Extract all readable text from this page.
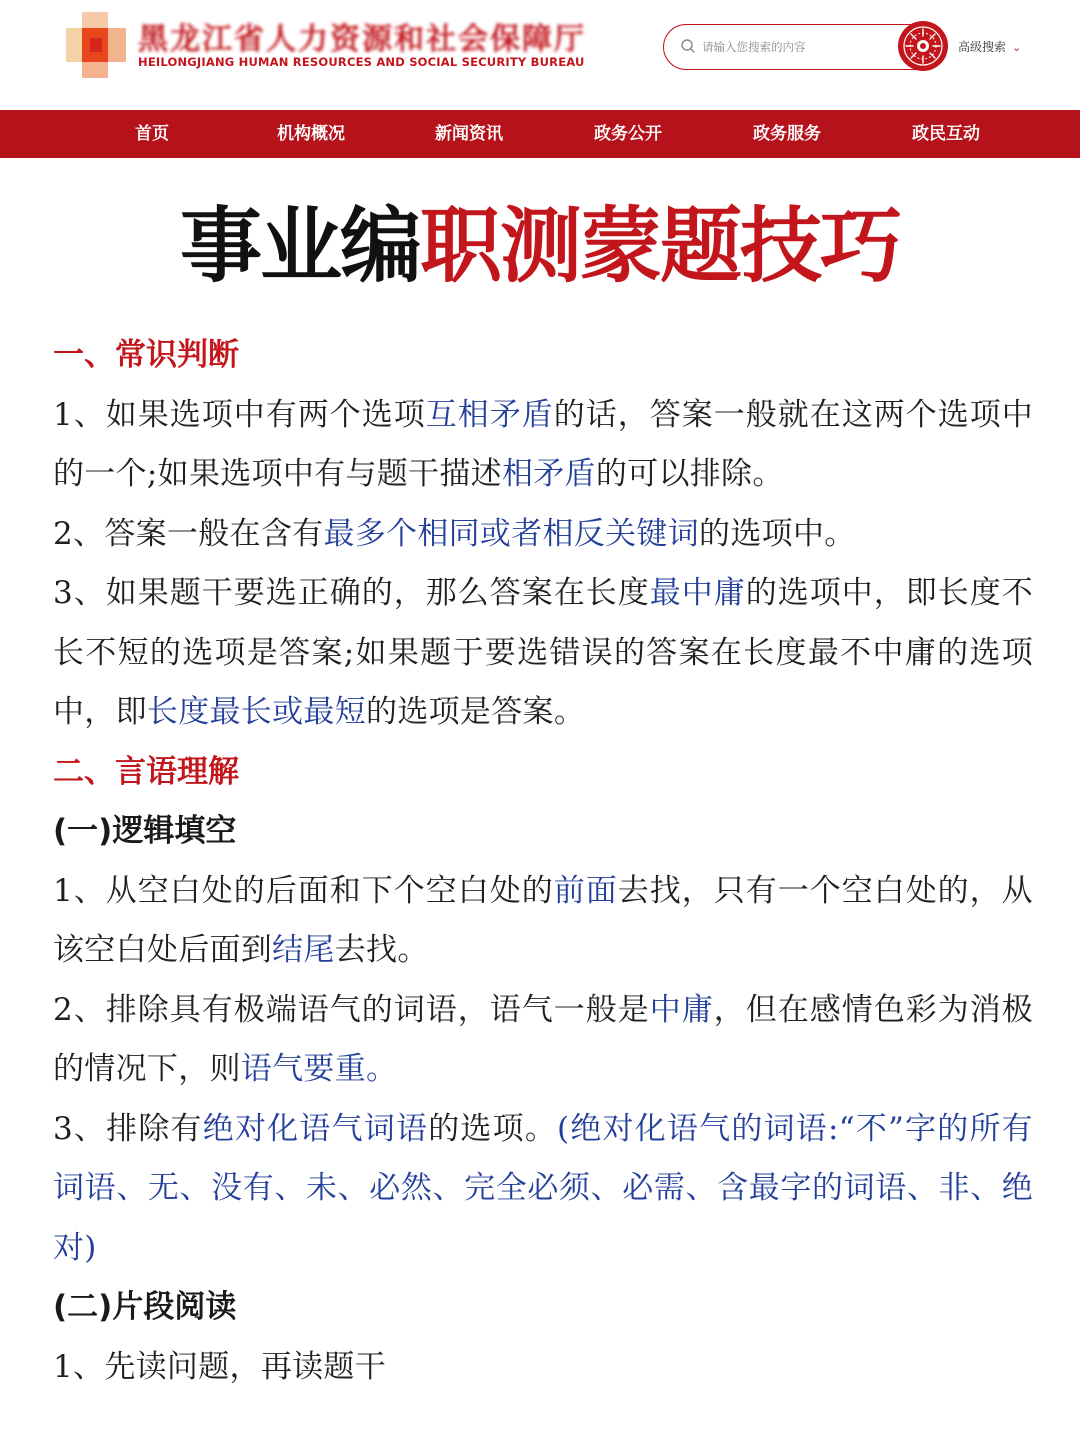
黑龙江省人力资源和社会保障厅
HEILONGJIANG HUMAN RESOURCES AND SOCIAL SECURITY BUREAU
请输入您搜索的内容
高级搜索 ⌄
首页	机构概况	新闻资讯	政务公开	政务服务	政民互动
事业编职测蒙题技巧
一、常识判断

1、如果选项中有两个选项互相矛盾的话，答案一般就在这两个选项中的一个;如果选项中有与题干描述相矛盾的可以排除。

2、答案一般在含有最多个相同或者相反关键词的选项中。

3、如果题干要选正确的，那么答案在长度最中庸的选项中，即长度不长不短的选项是答案;如果题于要选错误的答案在长度最不中庸的选项中，即长度最长或最短的选项是答案。

二、言语理解
(一)逻辑填空

1、从空白处的后面和下个空白处的前面去找，只有一个空白处的，从该空白处后面到结尾去找。

2、排除具有极端语气的词语，语气一般是中庸，但在感情色彩为消极的情况下，则语气要重。

3、排除有绝对化语气词语的选项。(绝对化语气的词语:“不”字的所有词语、无、没有、未、必然、完全必须、必需、含最字的词语、非、绝对)

(二)片段阅读

1、先读问题，再读题干
